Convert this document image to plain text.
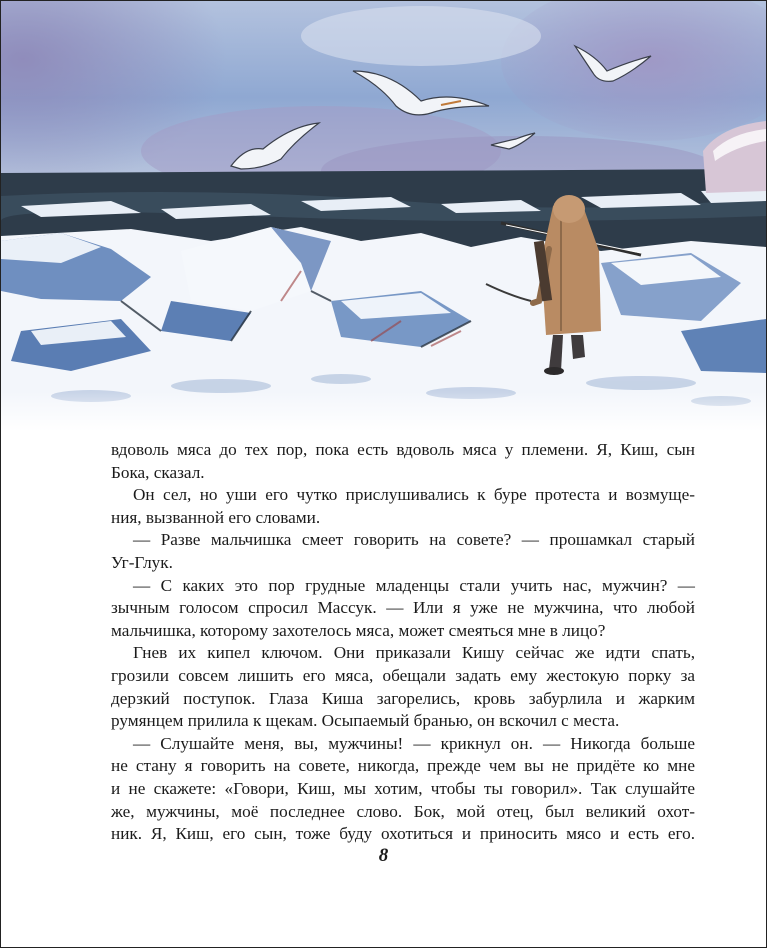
вдоволь мяса до тех пор, пока есть вдоволь мяса у племени. Я, Киш, сын

Бока, сказал.

Он сел, но уши его чутко прислушивались к буре протеста и возмуще-

ния, вызванной его словами.

— Разве мальчишка смеет говорить на совете? — прошамкал старый

Уг-Глук.

— С каких это пор грудные младенцы стали учить нас, мужчин? —

зычным голосом спросил Массук. — Или я уже не мужчина, что любой

мальчишка, которому захотелось мяса, может смеяться мне в лицо?

Гнев их кипел ключом. Они приказали Кишу сейчас же идти спать,

грозили совсем лишить его мяса, обещали задать ему жестокую порку за

дерзкий поступок. Глаза Киша загорелись, кровь забурлила и жарким

румянцем прилила к щекам. Осыпаемый бранью, он вскочил с места.

— Слушайте меня, вы, мужчины! — крикнул он. — Никогда больше

не стану я говорить на совете, никогда, прежде чем вы не придёте ко мне

и не скажете: «Говори, Киш, мы хотим, чтобы ты говорил». Так слушайте

же, мужчины, моё последнее слово. Бок, мой отец, был великий охот-

ник. Я, Киш, его сын, тоже буду охотиться и приносить мясо и есть его.

8
